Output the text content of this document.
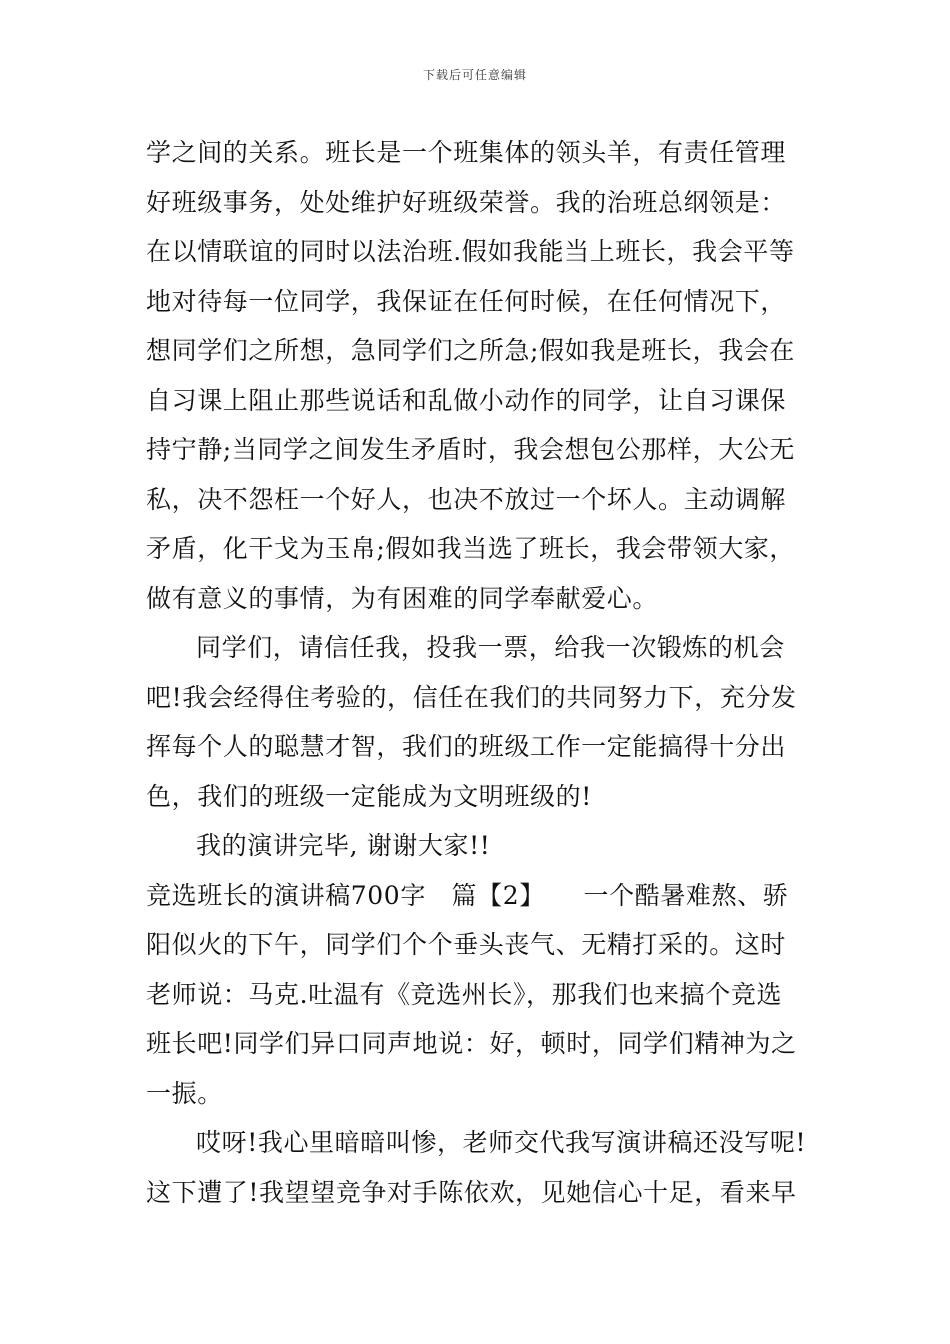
下载后可任意编辑
学之间的关系。班长是一个班集体的领头羊，有责任管理
好班级事务，处处维护好班级荣誉。我的治班总纲领是：
在以情联谊的同时以法治班.假如我能当上班长，我会平等
地对待每一位同学，我保证在任何时候，在任何情况下，
想同学们之所想，急同学们之所急;假如我是班长，我会在
自习课上阻止那些说话和乱做小动作的同学，让自习课保
持宁静;当同学之间发生矛盾时，我会想包公那样，大公无
私，决不怨枉一个好人，也决不放过一个坏人。主动调解
矛盾，化干戈为玉帛;假如我当选了班长，我会带领大家，
做有意义的事情，为有困难的同学奉献爱心。
同学们，请信任我，投我一票，给我一次锻炼的机会
吧!我会经得住考验的，信任在我们的共同努力下，充分发
挥每个人的聪慧才智，我们的班级工作一定能搞得十分出
色，我们的班级一定能成为文明班级的!
我的演讲完毕, 谢谢大家!!
竞选班长的演讲稿700字　篇【2】　　一个酷暑难熬、骄
阳似火的下午，同学们个个垂头丧气、无精打采的。这时
老师说：马克.吐温有《竞选州长》，那我们也来搞个竞选
班长吧!同学们异口同声地说：好，顿时，同学们精神为之
一振。
哎呀!我心里暗暗叫惨，老师交代我写演讲稿还没写呢!
这下遭了!我望望竞争对手陈依欢，见她信心十足，看来早
